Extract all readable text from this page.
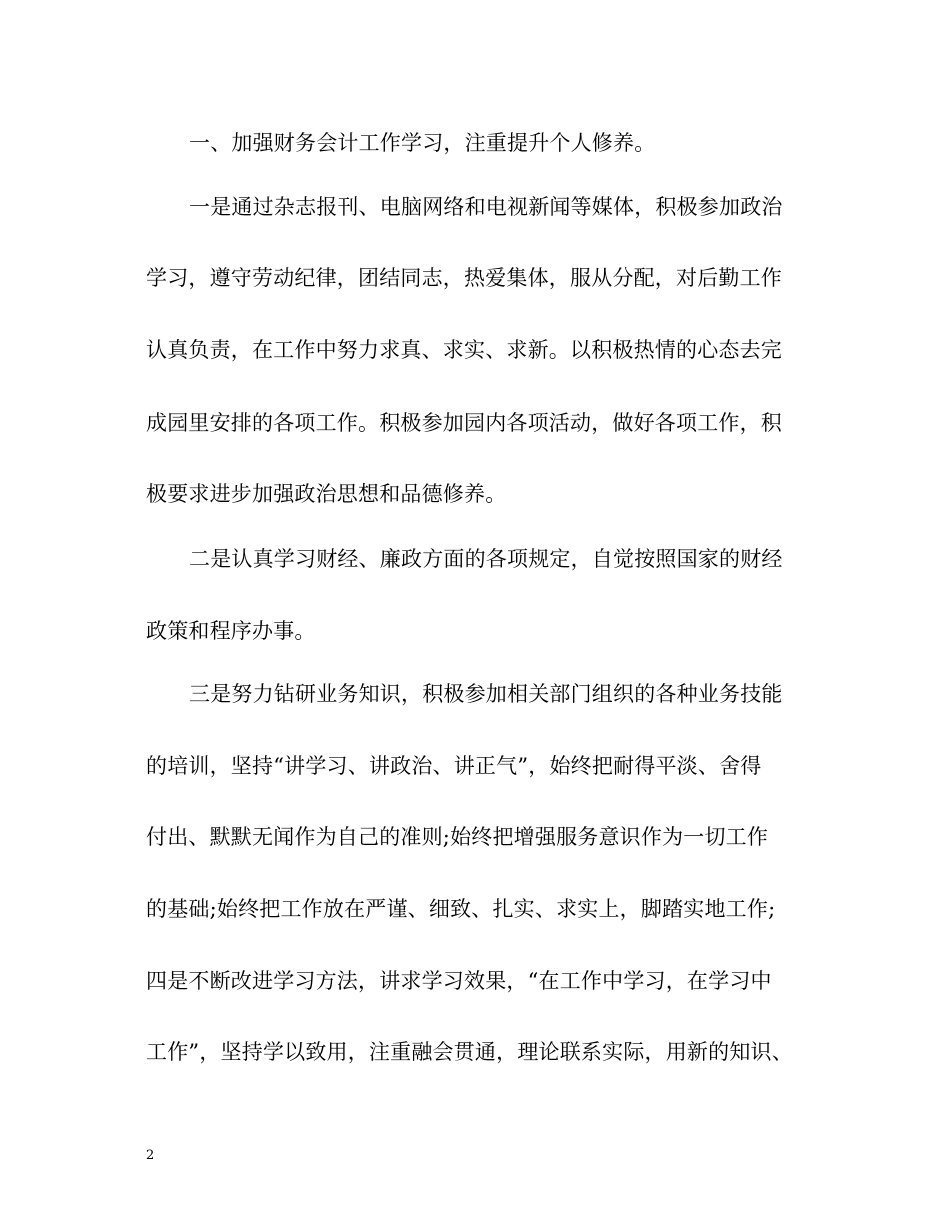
一、加强财务会计工作学习，注重提升个人修养。
一是通过杂志报刊、电脑网络和电视新闻等媒体，积极参加政治
学习，遵守劳动纪律，团结同志，热爱集体，服从分配，对后勤工作
认真负责，在工作中努力求真、求实、求新。以积极热情的心态去完
成园里安排的各项工作。积极参加园内各项活动，做好各项工作，积
极要求进步加强政治思想和品德修养。
二是认真学习财经、廉政方面的各项规定，自觉按照国家的财经
政策和程序办事。
三是努力钻研业务知识，积极参加相关部门组织的各种业务技能
的培训，坚持“讲学习、讲政治、讲正气”，始终把耐得平淡、舍得
付出、默默无闻作为自己的准则;始终把增强服务意识作为一切工作
的基础;始终把工作放在严谨、细致、扎实、求实上，脚踏实地工作;
四是不断改进学习方法，讲求学习效果，“在工作中学习，在学习中
工作”，坚持学以致用，注重融会贯通，理论联系实际，用新的知识、
2
